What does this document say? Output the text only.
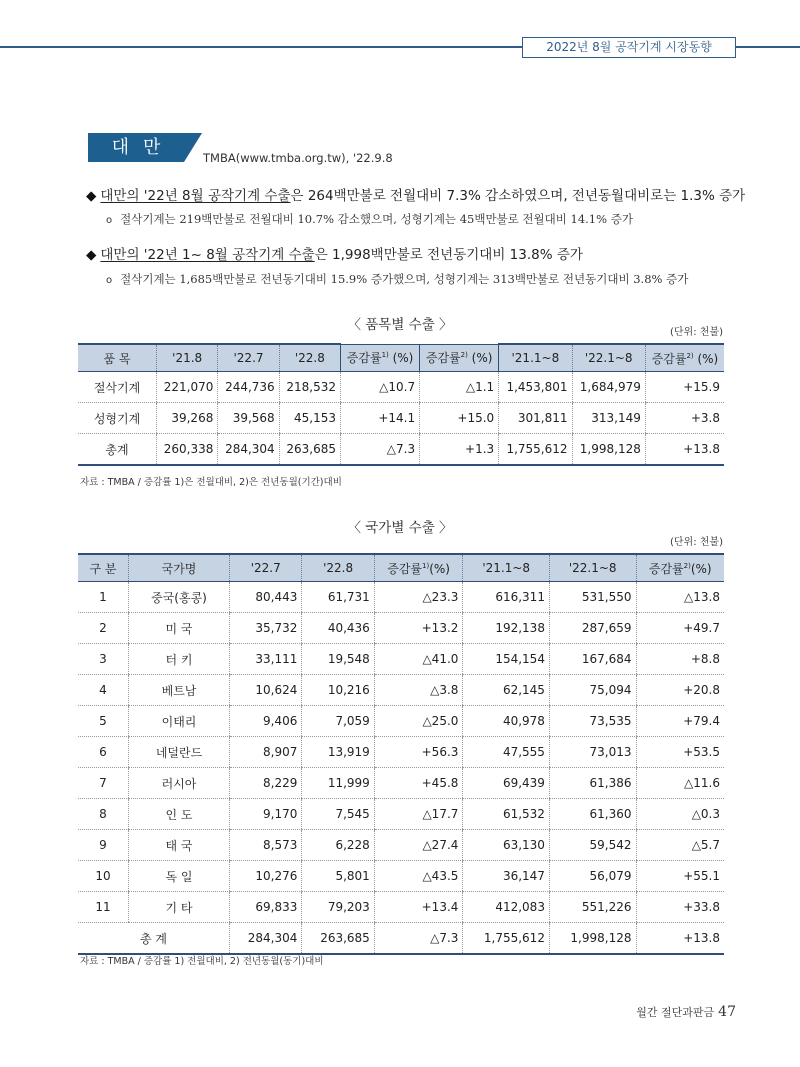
2022년 8월 공작기계 시장동향
대만	TMBA(www.tmba.org.tw), '22.9.8
◆ 대만의 '22년 8월 공작기계 수출은 264백만불로 전월대비 7.3% 감소하였으며, 전년동월대비로는 1.3% 증가
o 절삭기계는 219백만불로 전월대비 10.7% 감소했으며, 성형기계는 45백만불로 전월대비 14.1% 증가
◆ 대만의 '22년 1~ 8월 공작기계 수출은 1,998백만불로 전년동기대비 13.8% 증가
o 절삭기계는 1,685백만불로 전년동기대비 15.9% 증가했으며, 성형기계는 313백만불로 전년동기대비 3.8% 증가
〈 품목별 수출 〉	(단위: 천불)
품 목	'21.8	'22.7	'22.8	증감률$^{1)}$ (%)	증감률$^{2)}$ (%)	'21.1~8	'22.1~8	증감률$^{2)}$ (%)
절삭기계	221,070	244,736	218,532	△10.7	△1.1	1,453,801	1,684,979	+15.9
성형기계	39,268	39,568	45,153	+14.1	+15.0	301,811	313,149	+3.8
총계	260,338	284,304	263,685	△7.3	+1.3	1,755,612	1,998,128	+13.8
자료 : TMBA / 증감률 1)은 전월대비, 2)은 전년동월(기간)대비
〈 국가별 수출 〉
(단위: 천불)
구 분	국가명	'22.7	'22.8	증감률$^{1)}$(%)	'21.1~8	'22.1~8	증감률$^{2)}$(%)
1	중국(홍콩)	80,443	61,731	△23.3	616,311	531,550	△13.8
2	미 국	35,732	40,436	+13.2	192,138	287,659	+49.7
3	터 키	33,111	19,548	△41.0	154,154	167,684	+8.8
4	베트남	10,624	10,216	△3.8	62,145	75,094	+20.8
5	이태리	9,406	7,059	△25.0	40,978	73,535	+79.4
6	네덜란드	8,907	13,919	+56.3	47,555	73,013	+53.5
7	러시아	8,229	11,999	+45.8	69,439	61,386	△11.6
8	인 도	9,170	7,545	△17.7	61,532	61,360	△0.3
9	태 국	8,573	6,228	△27.4	63,130	59,542	△5.7
10	독 일	10,276	5,801	△43.5	36,147	56,079	+55.1
11	기 타	69,833	79,203	+13.4	412,083	551,226	+33.8
총 계		284,304	263,685	△7.3	1,755,612	1,998,128	+13.8
자료 : TMBA / 증감률 1) 전월대비, 2) 전년동월(동기)대비
월간 절단과판금 47
